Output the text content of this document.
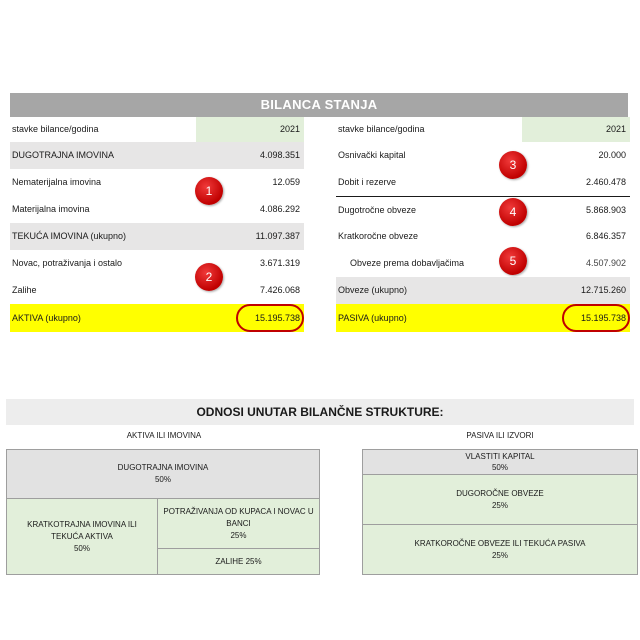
BILANCA STANJA
stavke bilance/godina	2021
DUGOTRAJNA IMOVINA	4.098.351
Nematerijalna imovina	12.059
Materijalna imovina	4.086.292
TEKUĆA IMOVINA (ukupno)	11.097.387
Novac, potraživanja i ostalo	3.671.319
Zalihe	7.426.068
AKTIVA (ukupno)	15.195.738
stavke bilance/godina	2021
Osnivački kapital	20.000
Dobit i rezerve	2.460.478
Dugotročne obveze	5.868.903
Kratkoročne obveze	6.846.357
Obveze prema dobavljačima	4.507.902
Obveze (ukupno)	12.715.260
PASIVA (ukupno)	15.195.738
1
2
3
4
5
ODNOSI UNUTAR BILANČNE STRUKTURE:
AKTIVA ILI IMOVINA	PASIVA ILI IZVORI
DUGOTRAJNA IMOVINA
50%
KRATKOTRAJNA IMOVINA ILI TEKUĆA AKTIVA
50%
POTRAŽIVANJA OD KUPACA I NOVAC U BANCI
25%
ZALIHE 25%
VLASTITI KAPITAL
50%
DUGOROČNE OBVEZE
25%
KRATKOROČNE OBVEZE ILI TEKUĆA PASIVA
25%
